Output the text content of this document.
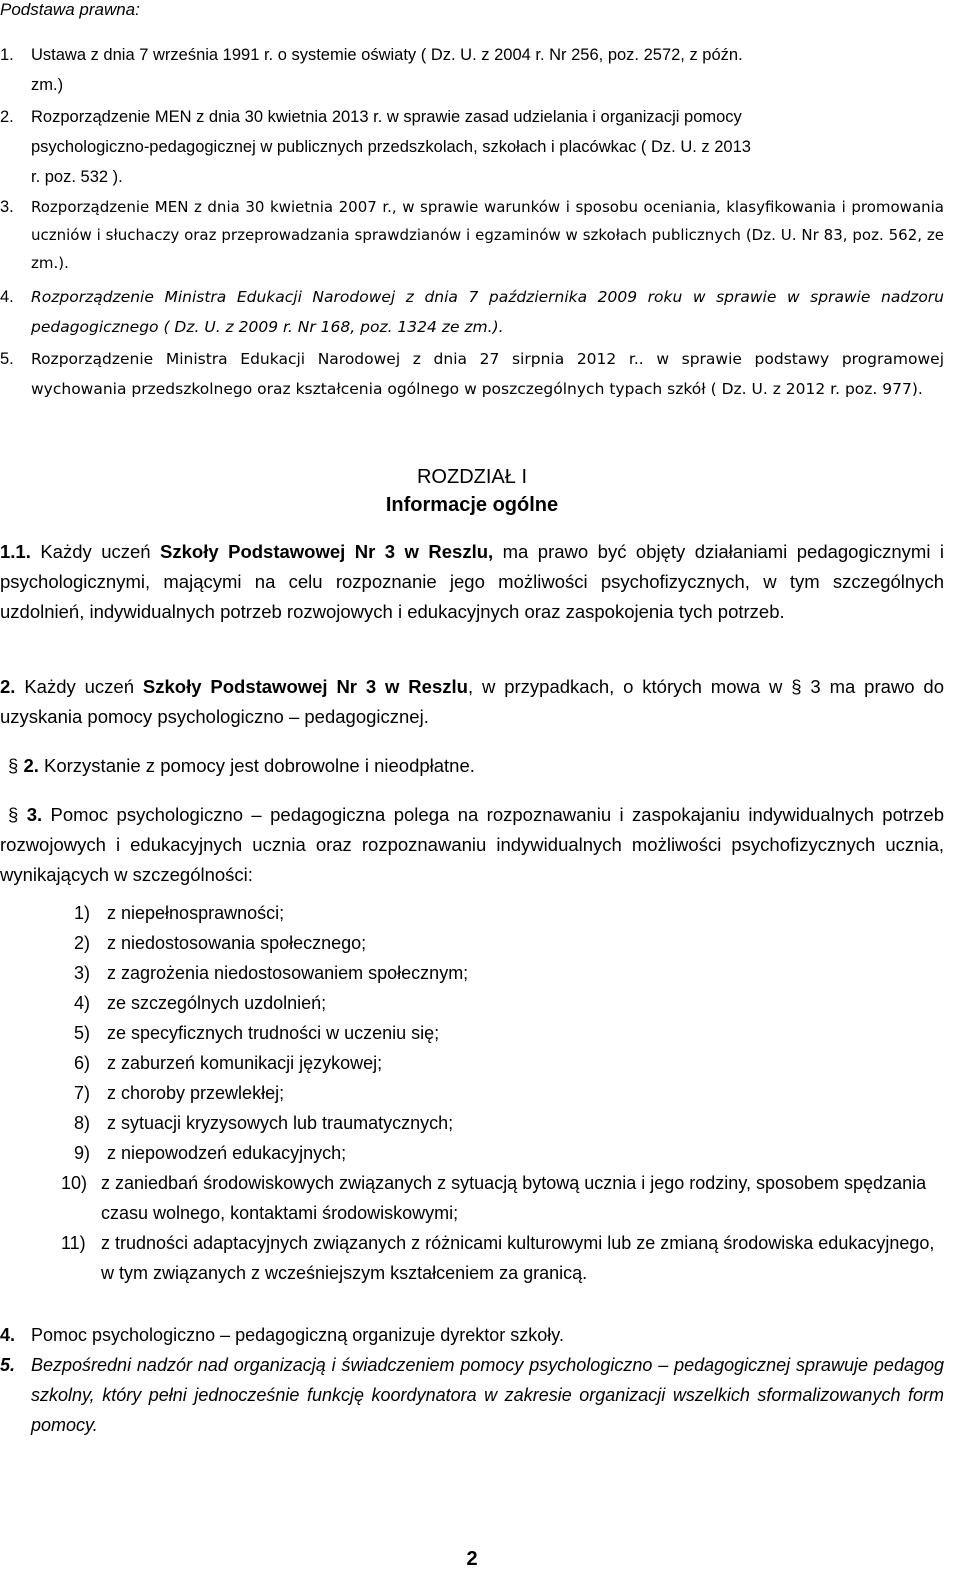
Podstawa prawna:
1. Ustawa z dnia 7 września 1991 r. o systemie oświaty ( Dz. U. z 2004 r. Nr 256, poz. 2572, z późn.
zm.)
2. Rozporządzenie MEN z dnia 30 kwietnia 2013 r. w sprawie zasad udzielania i organizacji pomocy
psychologiczno-pedagogicznej w publicznych przedszkolach, szkołach i placówkac ( Dz. U. z 2013
r. poz. 532 ).
3. Rozporządzenie MEN z dnia 30 kwietnia 2007 r., w sprawie warunków i sposobu oceniania, klasyfikowania i promowania uczniów i słuchaczy oraz przeprowadzania sprawdzianów i egzaminów w szkołach publicznych (Dz. U. Nr 83, poz. 562, ze zm.).
4. Rozporządzenie Ministra Edukacji Narodowej z dnia 7 października 2009 roku w sprawie w sprawie nadzoru pedagogicznego ( Dz. U. z 2009 r. Nr 168, poz. 1324 ze zm.).
5. Rozporządzenie Ministra Edukacji Narodowej z dnia 27 sirpnia 2012 r.. w sprawie podstawy programowej wychowania przedszkolnego oraz kształcenia ogólnego w poszczególnych typach szkół ( Dz. U. z 2012 r. poz. 977).
ROZDZIAŁ I
Informacje ogólne
1.1. Każdy uczeń Szkoły Podstawowej Nr 3 w Reszlu, ma prawo być objęty działaniami pedagogicznymi i psychologicznymi, mającymi na celu rozpoznanie jego możliwości psychofizycznych, w tym szczególnych uzdolnień, indywidualnych potrzeb rozwojowych i edukacyjnych oraz zaspokojenia tych potrzeb.
2. Każdy uczeń Szkoły Podstawowej Nr 3 w Reszlu, w przypadkach, o których mowa w § 3 ma prawo do uzyskania pomocy psychologiczno – pedagogicznej.
§ 2. Korzystanie z pomocy jest dobrowolne i nieodpłatne.
§ 3. Pomoc psychologiczno – pedagogiczna polega na rozpoznawaniu i zaspokajaniu indywidualnych potrzeb rozwojowych i edukacyjnych ucznia oraz rozpoznawaniu indywidualnych możliwości psychofizycznych ucznia, wynikających w szczególności:
1) z niepełnosprawności;
2) z niedostosowania społecznego;
3) z zagrożenia niedostosowaniem społecznym;
4) ze szczególnych uzdolnień;
5) ze specyficznych trudności w uczeniu się;
6) z zaburzeń komunikacji językowej;
7) z choroby przewlekłej;
8) z sytuacji kryzysowych lub traumatycznych;
9) z niepowodzeń edukacyjnych;
10) z zaniedbań środowiskowych związanych z sytuacją bytową ucznia i jego rodziny, sposobem spędzania czasu wolnego, kontaktami środowiskowymi;
11) z trudności adaptacyjnych związanych z różnicami kulturowymi lub ze zmianą środowiska edukacyjnego, w tym związanych z wcześniejszym kształceniem za granicą.
4. Pomoc psychologiczno – pedagogiczną organizuje dyrektor szkoły.
5. Bezpośredni nadzór nad organizacją i świadczeniem pomocy psychologiczno – pedagogicznej sprawuje pedagog szkolny, który pełni jednocześnie funkcję koordynatora w zakresie organizacji wszelkich sformalizowanych form pomocy.
2
